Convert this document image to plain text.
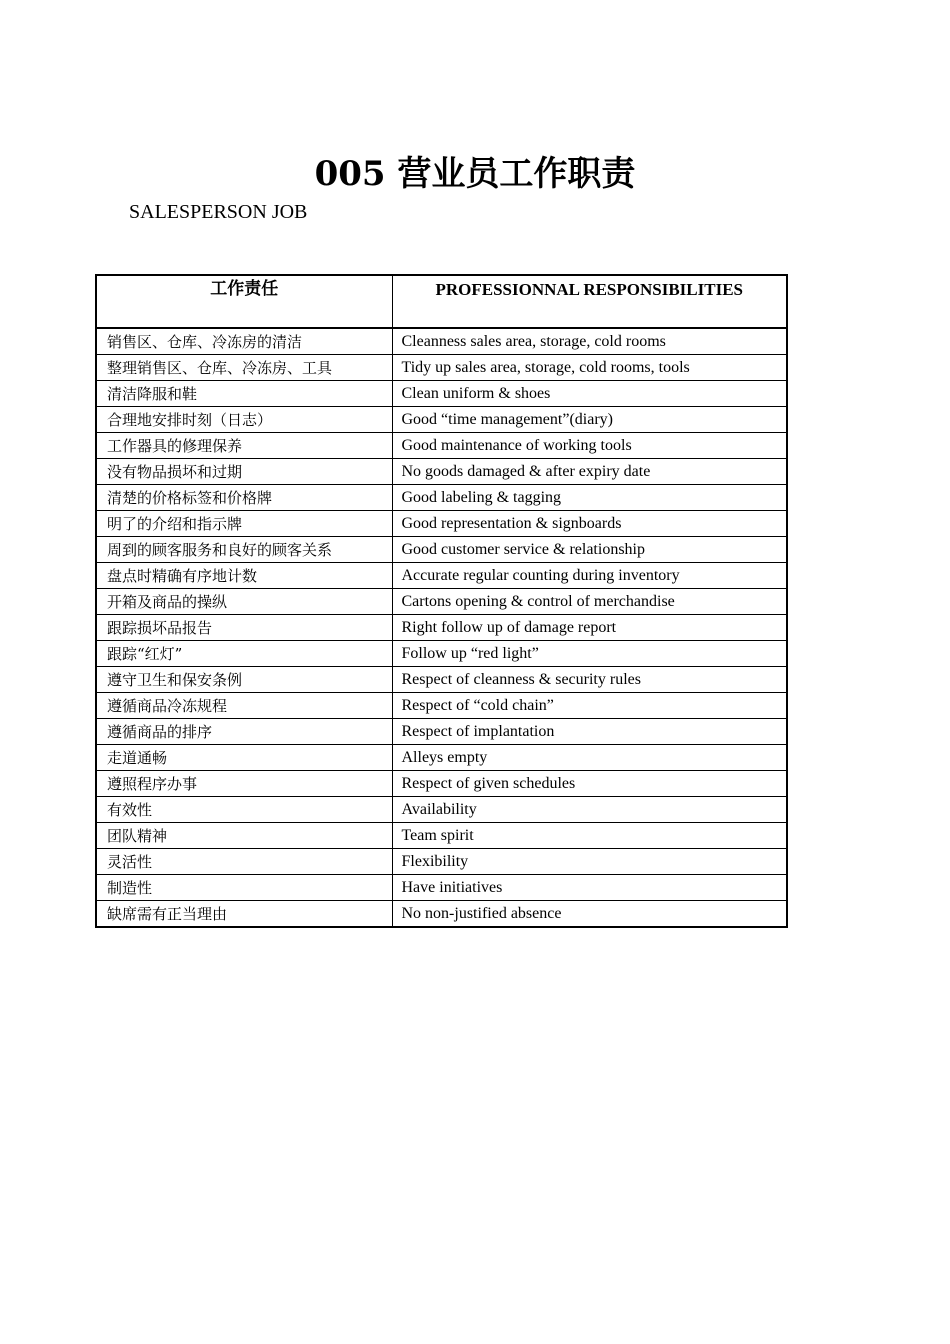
005 营业员工作职责
SALESPERSON JOB
工作责任	PROFESSIONNAL RESPONSIBILITIES
销售区、仓库、冷冻房的清洁	Cleanness sales area, storage, cold rooms
整理销售区、仓库、冷冻房、工具	Tidy up sales area, storage, cold rooms, tools
清洁降服和鞋	Clean uniform & shoes
合理地安排时刻（日志）	Good “time management”(diary)
工作器具的修理保养	Good maintenance of working tools
没有物品损坏和过期	No goods damaged & after expiry date
清楚的价格标签和价格牌	Good labeling & tagging
明了的介绍和指示牌	Good representation & signboards
周到的顾客服务和良好的顾客关系	Good customer service & relationship
盘点时精确有序地计数	Accurate regular counting during inventory
开箱及商品的操纵	Cartons opening & control of merchandise
跟踪损坏品报告	Right follow up of damage report
跟踪“红灯”	Follow up “red light”
遵守卫生和保安条例	Respect of cleanness & security rules
遵循商品冷冻规程	Respect of “cold chain”
遵循商品的排序	Respect of implantation
走道通畅	Alleys empty
遵照程序办事	Respect of given schedules
有效性	Availability
团队精神	Team spirit
灵活性	Flexibility
制造性	Have initiatives
缺席需有正当理由	No non-justified absence
